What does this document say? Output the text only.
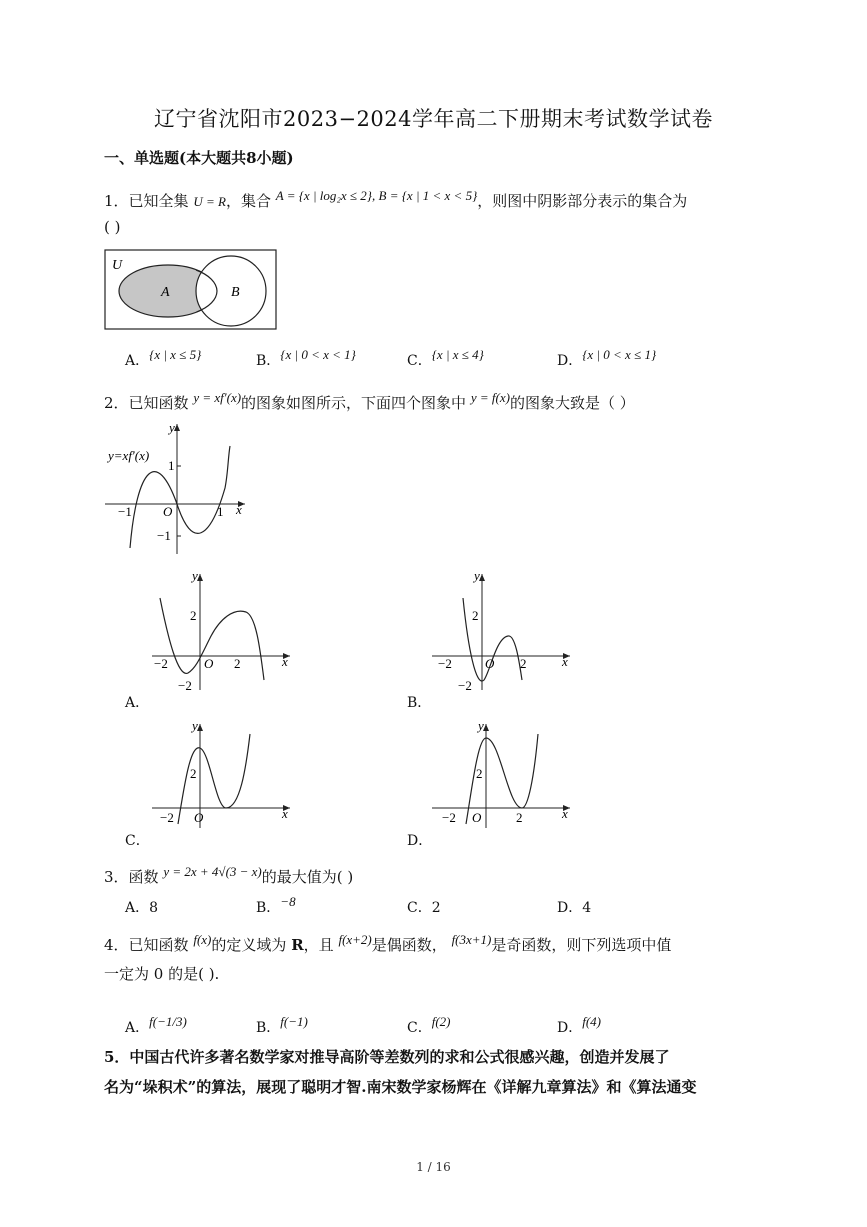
辽宁省沈阳市2023−2024学年高二下册期末考试数学试卷
一、单选题(本大题共8小题)
1．已知全集 U = R，集合 A = {x | log₂x ≤ 2}, B = {x | 1 < x < 5}，则图中阴影部分表示的集合为
( )
U
A	B
A．{x | x ≤ 5}	B．{x | 0 < x < 1}	C．{x | x ≤ 4}	D．{x | 0 < x ≤ 1}
2．已知函数 y = xf′(x)的图象如图所示，下面四个图象中 y = f(x)的图象大致是（ ）
y=xf′(x)
y
x
O
1
−1
1
−1
y
x
O
−2	2
2
−2
A．
y
x
O
−2	2
2
−2
B．
y
x
O
−2
2
C．
y
x
O
−2	2
2
D．
3．函数 y = 2x + 4√(3 − x)的最大值为( )
A．8	B．−8	C．2	D．4
4．已知函数 f(x)的定义域为 R，且 f(x+2)是偶函数， f(3x+1)是奇函数，则下列选项中值
一定为 0 的是( ).
A．f(−1/3)	B．f(−1)	C．f(2)	D．f(4)
5．中国古代许多著名数学家对推导高阶等差数列的求和公式很感兴趣，创造并发展了
名为“垛积术”的算法，展现了聪明才智.南宋数学家杨辉在《详解九章算法》和《算法通变
1 / 16
